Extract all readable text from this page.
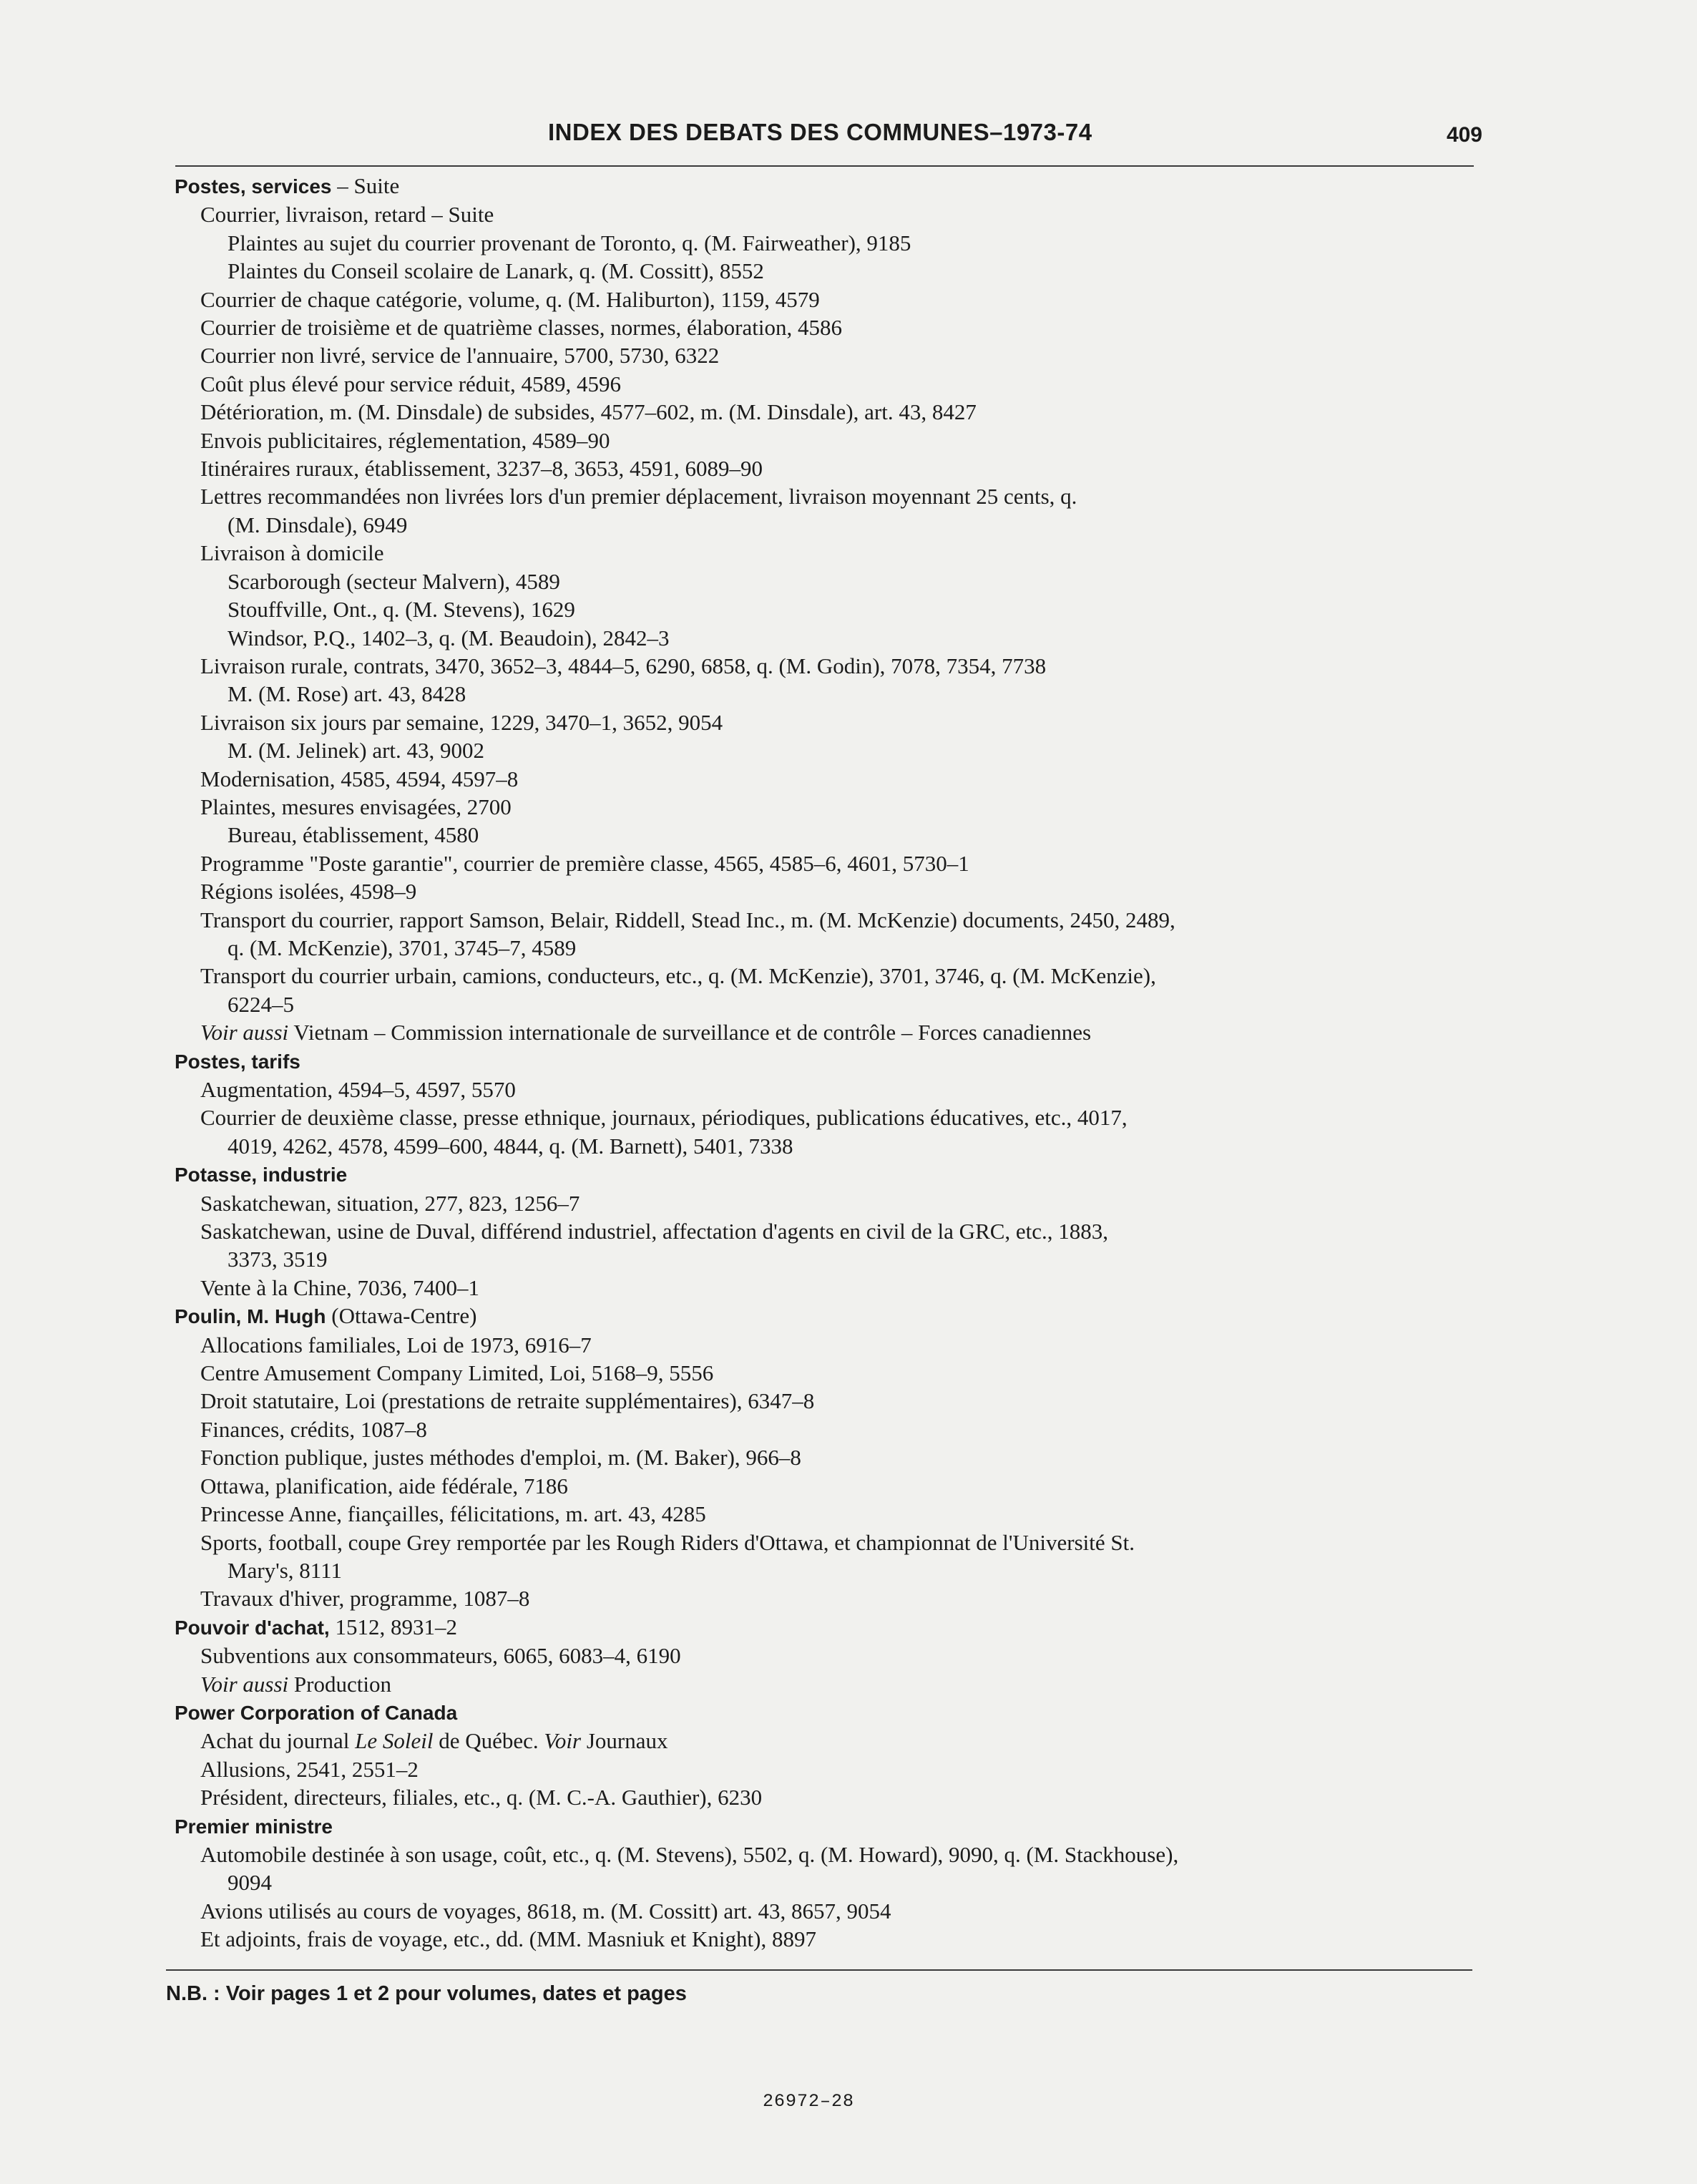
INDEX DES DEBATS DES COMMUNES–1973-74	409
Postes, services – Suite
Courrier, livraison, retard – Suite
Plaintes au sujet du courrier provenant de Toronto, q. (M. Fairweather), 9185
Plaintes du Conseil scolaire de Lanark, q. (M. Cossitt), 8552
Courrier de chaque catégorie, volume, q. (M. Haliburton), 1159, 4579
Courrier de troisième et de quatrième classes, normes, élaboration, 4586
Courrier non livré, service de l'annuaire, 5700, 5730, 6322
Coût plus élevé pour service réduit, 4589, 4596
Détérioration, m. (M. Dinsdale) de subsides, 4577–602, m. (M. Dinsdale), art. 43, 8427
Envois publicitaires, réglementation, 4589–90
Itinéraires ruraux, établissement, 3237–8, 3653, 4591, 6089–90
Lettres recommandées non livrées lors d'un premier déplacement, livraison moyennant 25 cents, q.
(M. Dinsdale), 6949
Livraison à domicile
Scarborough (secteur Malvern), 4589
Stouffville, Ont., q. (M. Stevens), 1629
Windsor, P.Q., 1402–3, q. (M. Beaudoin), 2842–3
Livraison rurale, contrats, 3470, 3652–3, 4844–5, 6290, 6858, q. (M. Godin), 7078, 7354, 7738
M. (M. Rose) art. 43, 8428
Livraison six jours par semaine, 1229, 3470–1, 3652, 9054
M. (M. Jelinek) art. 43, 9002
Modernisation, 4585, 4594, 4597–8
Plaintes, mesures envisagées, 2700
Bureau, établissement, 4580
Programme "Poste garantie", courrier de première classe, 4565, 4585–6, 4601, 5730–1
Régions isolées, 4598–9
Transport du courrier, rapport Samson, Belair, Riddell, Stead Inc., m. (M. McKenzie) documents, 2450, 2489,
q. (M. McKenzie), 3701, 3745–7, 4589
Transport du courrier urbain, camions, conducteurs, etc., q. (M. McKenzie), 3701, 3746, q. (M. McKenzie),
6224–5
Voir aussi Vietnam – Commission internationale de surveillance et de contrôle – Forces canadiennes
Postes, tarifs
Augmentation, 4594–5, 4597, 5570
Courrier de deuxième classe, presse ethnique, journaux, périodiques, publications éducatives, etc., 4017,
4019, 4262, 4578, 4599–600, 4844, q. (M. Barnett), 5401, 7338
Potasse, industrie
Saskatchewan, situation, 277, 823, 1256–7
Saskatchewan, usine de Duval, différend industriel, affectation d'agents en civil de la GRC, etc., 1883,
3373, 3519
Vente à la Chine, 7036, 7400–1
Poulin, M. Hugh (Ottawa-Centre)
Allocations familiales, Loi de 1973, 6916–7
Centre Amusement Company Limited, Loi, 5168–9, 5556
Droit statutaire, Loi (prestations de retraite supplémentaires), 6347–8
Finances, crédits, 1087–8
Fonction publique, justes méthodes d'emploi, m. (M. Baker), 966–8
Ottawa, planification, aide fédérale, 7186
Princesse Anne, fiançailles, félicitations, m. art. 43, 4285
Sports, football, coupe Grey remportée par les Rough Riders d'Ottawa, et championnat de l'Université St.
Mary's, 8111
Travaux d'hiver, programme, 1087–8
Pouvoir d'achat, 1512, 8931–2
Subventions aux consommateurs, 6065, 6083–4, 6190
Voir aussi Production
Power Corporation of Canada
Achat du journal Le Soleil de Québec. Voir Journaux
Allusions, 2541, 2551–2
Président, directeurs, filiales, etc., q. (M. C.-A. Gauthier), 6230
Premier ministre
Automobile destinée à son usage, coût, etc., q. (M. Stevens), 5502, q. (M. Howard), 9090, q. (M. Stackhouse),
9094
Avions utilisés au cours de voyages, 8618, m. (M. Cossitt) art. 43, 8657, 9054
Et adjoints, frais de voyage, etc., dd. (MM. Masniuk et Knight), 8897
N.B. : Voir pages 1 et 2 pour volumes, dates et pages
26972–28
